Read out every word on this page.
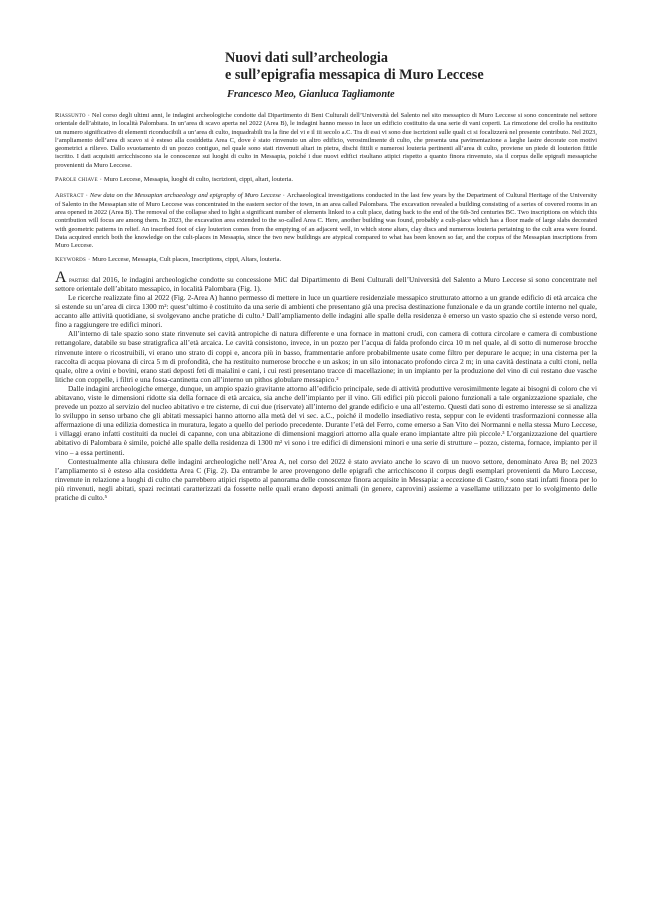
Nuovi dati sull’archeologia
e sull’epigrafia messapica di Muro Leccese
Francesco Meo, Gianluca Tagliamonte
Riassunto · Nel corso degli ultimi anni, le indagini archeologiche condotte dal Dipartimento di Beni Culturali dell’Università del Salento nel sito messapico di Muro Leccese si sono concentrate nel settore orientale dell’abitato, in località Palombara. In un’area di scavo aperta nel 2022 (Area B), le indagini hanno messo in luce un edificio costituito da una serie di vani coperti. La rimozione del crollo ha restituito un numero significativo di elementi riconducibili a un’area di culto, inquadrabili tra la fine del vi e il iii secolo a.C. Tra di essi vi sono due iscrizioni sulle quali ci si focalizzerà nel presente contributo. Nel 2023, l’ampliamento dell’area di scavo si è esteso alla cosiddetta Area C, dove è stato rinvenuto un altro edificio, verosimilmente di culto, che presenta una pavimentazione a larghe lastre decorate con motivi geometrici a rilievo. Dallo svuotamento di un pozzo contiguo, nel quale sono stati rinvenuti altari in pietra, dischi fittili e numerosi louteria pertinenti all’area di culto, proviene un piede di louterion fittile iscritto. I dati acquisiti arricchiscono sia le conoscenze sui luoghi di culto in Messapia, poiché i due nuovi edifici risultano atipici rispetto a quanto finora rinvenuto, sia il corpus delle epigrafi messapiche provenienti da Muro Leccese.
Parole chiave · Muro Leccese, Messapia, luoghi di culto, iscrizioni, cippi, altari, louteria.
Abstract · New data on the Messapian archaeology and epigraphy of Muro Leccese · Archaeological investigations conducted in the last few years by the Department of Cultural Heritage of the University of Salento in the Messapian site of Muro Leccese was concentrated in the eastern sector of the town, in an area called Palombara. The excavation revealed a building consisting of a series of covered rooms in an area opened in 2022 (Area B). The removal of the collapse shed to light a significant number of elements linked to a cult place, dating back to the end of the 6th-3rd centuries BC. Two inscriptions on which this contribution will focus are among them. In 2023, the excavation area extended to the so-called Area C. Here, another building was found, probably a cult-place which has a floor made of large slabs decorated with geometric patterns in relief. An inscribed foot of clay louterion comes from the emptying of an adjacent well, in which stone altars, clay discs and numerous louteria pertaining to the cult area were found. Data acquired enrich both the knowledge on the cult-places in Messapia, since the two new buildings are atypical compared to what has been known so far, and the corpus of the Messapian inscriptions from Muro Leccese.
Keywords · Muro Leccese, Messapia, Cult places, Inscriptions, cippi, Altars, louteria.

A partire dal 2016, le indagini archeologiche condotte su concessione MiC dal Dipartimento di Beni Culturali dell’Università del Salento a Muro Leccese si sono concentrate nel settore orientale dell’abitato messapico, in località Palombara (Fig. 1).

Le ricerche realizzate fino al 2022 (Fig. 2-Area A) hanno permesso di mettere in luce un quartiere residenziale messapico strutturato attorno a un grande edificio di età arcaica che si estende su un’area di circa 1300 m²: quest’ultimo è costituito da una serie di ambienti che presentano già una precisa destinazione funzionale e da un grande cortile interno nel quale, accanto alle attività quotidiane, si svolgevano anche pratiche di culto.¹ Dall’ampliamento delle indagini alle spalle della residenza è emerso un vasto spazio che si estende verso nord, fino a raggiungere tre edifici minori.

All’interno di tale spazio sono state rinvenute sei cavità antropiche di natura differente e una fornace in mattoni crudi, con camera di cottura circolare e camera di combustione rettangolare, databile su base stratigrafica all’età arcaica. Le cavità consistono, invece, in un pozzo per l’acqua di falda profondo circa 10 m nel quale, al di sotto di numerose brocche rinvenute intere o ricostruibili, vi erano uno strato di coppi e, ancora più in basso, frammentarie anfore probabilmente usate come filtro per depurare le acque; in una cisterna per la raccolta di acqua piovana di circa 5 m di profondità, che ha restituito numerose brocche e un askos; in un silo intonacato profondo circa 2 m; in una cavità destinata a culti ctoni, nella quale, oltre a ovini e bovini, erano stati deposti feti di maialini e cani, i cui resti presentano tracce di macellazione; in un impianto per la produzione del vino di cui restano due vasche litiche con coppelle, i filtri e una fossa-cantinetta con all’interno un pithos globulare messapico.²

Dalle indagini archeologiche emerge, dunque, un ampio spazio gravitante attorno all’edificio principale, sede di attività produttive verosimilmente legate ai bisogni di coloro che vi abitavano, viste le dimensioni ridotte sia della fornace di età arcaica, sia anche dell’impianto per il vino. Gli edifici più piccoli paiono funzionali a tale organizzazione spaziale, che prevede un pozzo al servizio del nucleo abitativo e tre cisterne, di cui due (riservate) all’interno del grande edificio e una all’esterno. Questi dati sono di estremo interesse se si analizza lo sviluppo in senso urbano che gli abitati messapici hanno attorno alla metà del vi sec. a.C., poiché il modello insediativo resta, seppur con le evidenti trasformazioni connesse alla affermazione di una edilizia domestica in muratura, legato a quello del periodo precedente. Durante l’età del Ferro, come emerso a San Vito dei Normanni e nella stessa Muro Leccese, i villaggi erano infatti costituiti da nuclei di capanne, con una abitazione di dimensioni maggiori attorno alla quale erano impiantate altre più piccole.³ L’organizzazione del quartiere abitativo di Palombara è simile, poiché alle spalle della residenza di 1300 m² vi sono i tre edifici di dimensioni minori e una serie di strutture – pozzo, cisterna, fornace, impianto per il vino – a essa pertinenti.

Contestualmente alla chiusura delle indagini archeologiche nell’Area A, nel corso del 2022 è stato avviato anche lo scavo di un nuovo settore, denominato Area B; nel 2023 l’ampliamento si è esteso alla cosiddetta Area C (Fig. 2). Da entrambe le aree provengono delle epigrafi che arricchiscono il corpus degli esemplari provenienti da Muro Leccese, rinvenute in relazione a luoghi di culto che parrebbero atipici rispetto al panorama delle conoscenze finora acquisite in Messapia: a eccezione di Castro,⁴ sono stati infatti finora per lo più rinvenuti, negli abitati, spazi recintati caratterizzati da fossette nelle quali erano deposti animali (in genere, caprovini) assieme a vasellame utilizzato per lo svolgimento delle pratiche di culto.⁵
